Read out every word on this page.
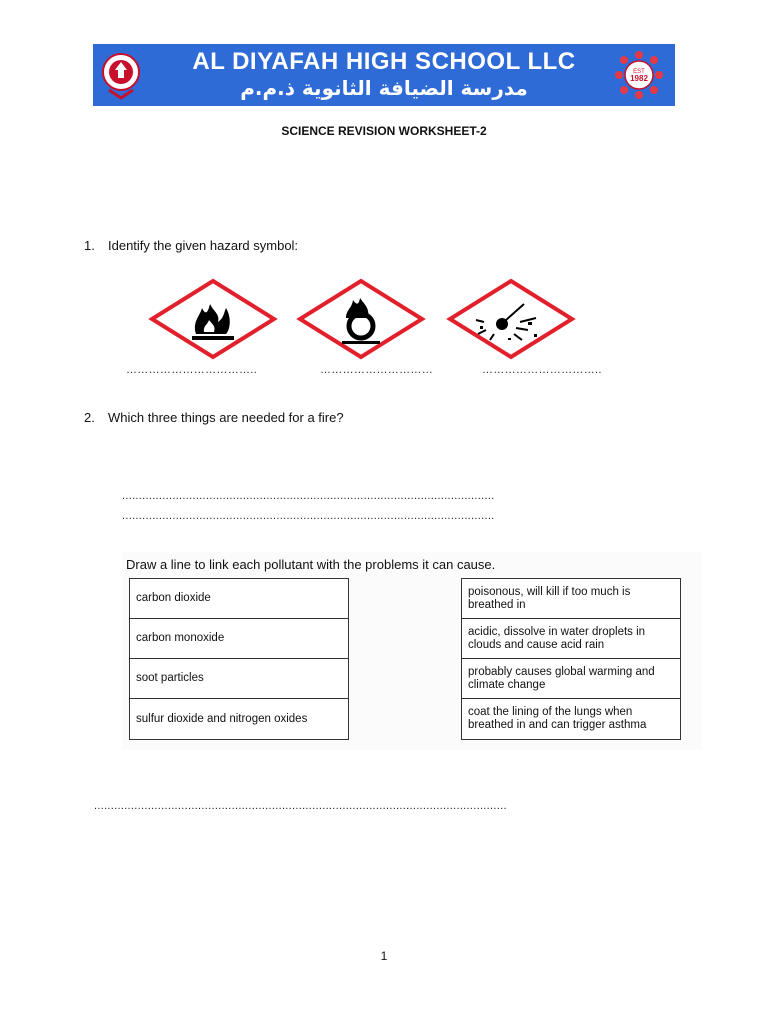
AL DIYAFAH HIGH SCHOOL LLC
مدرسة الضيافة الثانوية ذ.م.م
EST
1982
SCIENCE REVISION WORKSHEET-2
1. Identify the given hazard symbol:
……………………………..	…………………………	…………………………..
2. Which three things are needed for a fire?
...............................................................................................................
...............................................................................................................
Draw a line to link each pollutant with the problems it can cause.
carbon dioxide
carbon monoxide
soot particles
sulfur dioxide and nitrogen oxides
poisonous, will kill if too much is breathed in
acidic, dissolve in water droplets in clouds and cause acid rain
probably causes global warming and climate change
coat the lining of the lungs when breathed in and can trigger asthma
...........................................................................................................................
1
